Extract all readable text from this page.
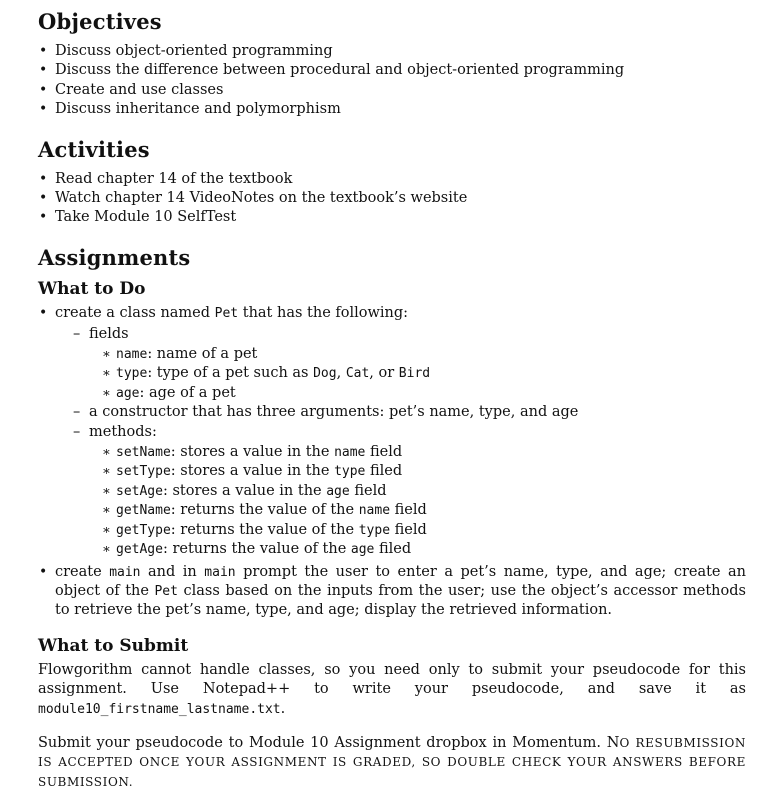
Objectives
• Discuss object-oriented programming
• Discuss the difference between procedural and object-oriented programming
• Create and use classes
• Discuss inheritance and polymorphism
Activities
• Read chapter 14 of the textbook
• Watch chapter 14 VideoNotes on the textbook’s website
• Take Module 10 SelfTest
Assignments
What to Do
• create a class named Pet that has the following:
– fields
∗ name: name of a pet
∗ type: type of a pet such as Dog, Cat, or Bird
∗ age: age of a pet
– a constructor that has three arguments: pet’s name, type, and age
– methods:
∗ setName: stores a value in the name field
∗ setType: stores a value in the type filed
∗ setAge: stores a value in the age field
∗ getName: returns the value of the name field
∗ getType: returns the value of the type field
∗ getAge: returns the value of the age filed
• create main and in main prompt the user to enter a pet’s name, type, and age; create an object of the Pet class based on the inputs from the user; use the object’s accessor methods to retrieve the pet’s name, type, and age; display the retrieved information.
What to Submit

Flowgorithm cannot handle classes, so you need only to submit your pseudocode for this assignment. Use Notepad++ to write your pseudocode, and save it as module10_firstname_lastname.txt.

Submit your pseudocode to Module 10 Assignment dropbox in Momentum. NO RESUBMISSION IS ACCEPTED ONCE YOUR ASSIGNMENT IS GRADED, SO DOUBLE CHECK YOUR ANSWERS BEFORE SUBMISSION.
